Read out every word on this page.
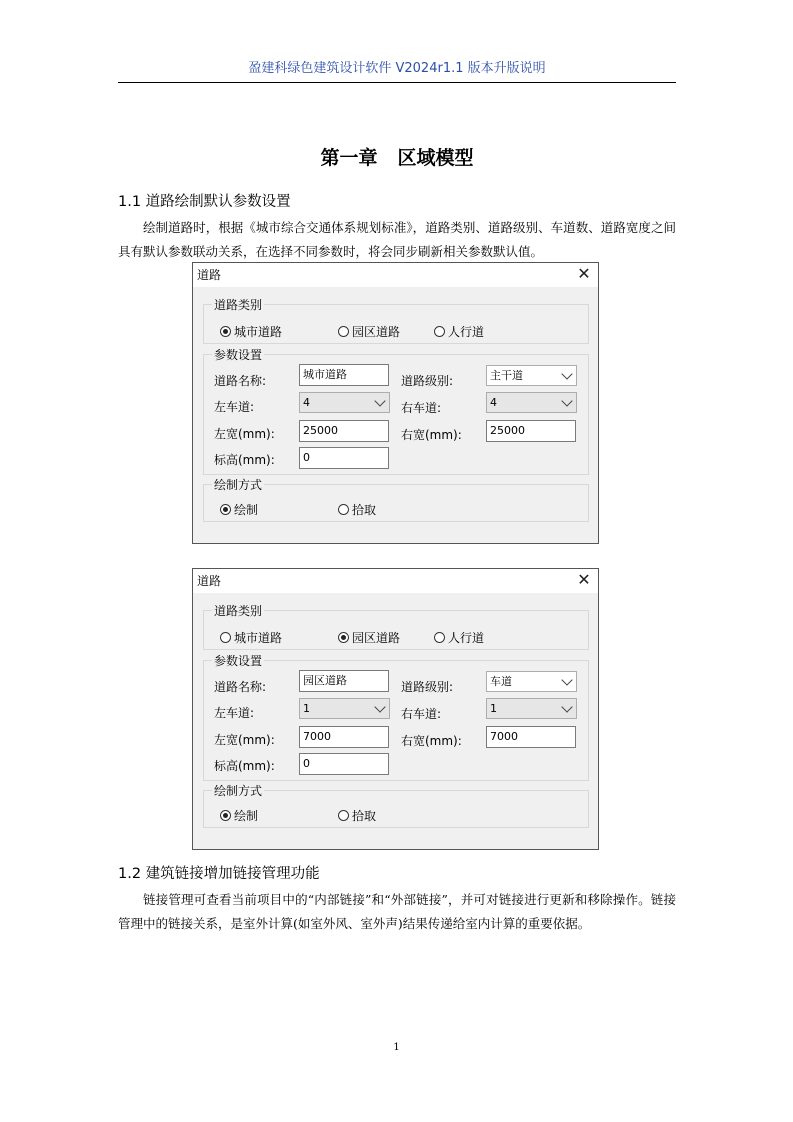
盈建科绿色建筑设计软件 V2024r1.1 版本升版说明
第一章 区域模型
1.1 道路绘制默认参数设置
绘制道路时，根据《城市综合交通体系规划标准》，道路类别、道路级别、车道数、道路宽度之间具有默认参数联动关系，在选择不同参数时，将会同步刷新相关参数默认值。
道路	✕
道路类别
城市道路	园区道路	人行道
参数设置
道路名称:	城市道路	道路级别:	主干道
左车道:	4	右车道:	4
左宽(mm):	25000	右宽(mm):	25000
标高(mm):	0
绘制方式
绘制	拾取
道路	✕
道路类别
城市道路	园区道路	人行道
参数设置
道路名称:	园区道路	道路级别:	车道
左车道:	1	右车道:	1
左宽(mm):	7000	右宽(mm):	7000
标高(mm):	0
绘制方式
绘制	拾取
1.2 建筑链接增加链接管理功能
链接管理可查看当前项目中的“内部链接”和“外部链接”，并可对链接进行更新和移除操作。链接管理中的链接关系，是室外计算(如室外风、室外声)结果传递给室内计算的重要依据。
1
